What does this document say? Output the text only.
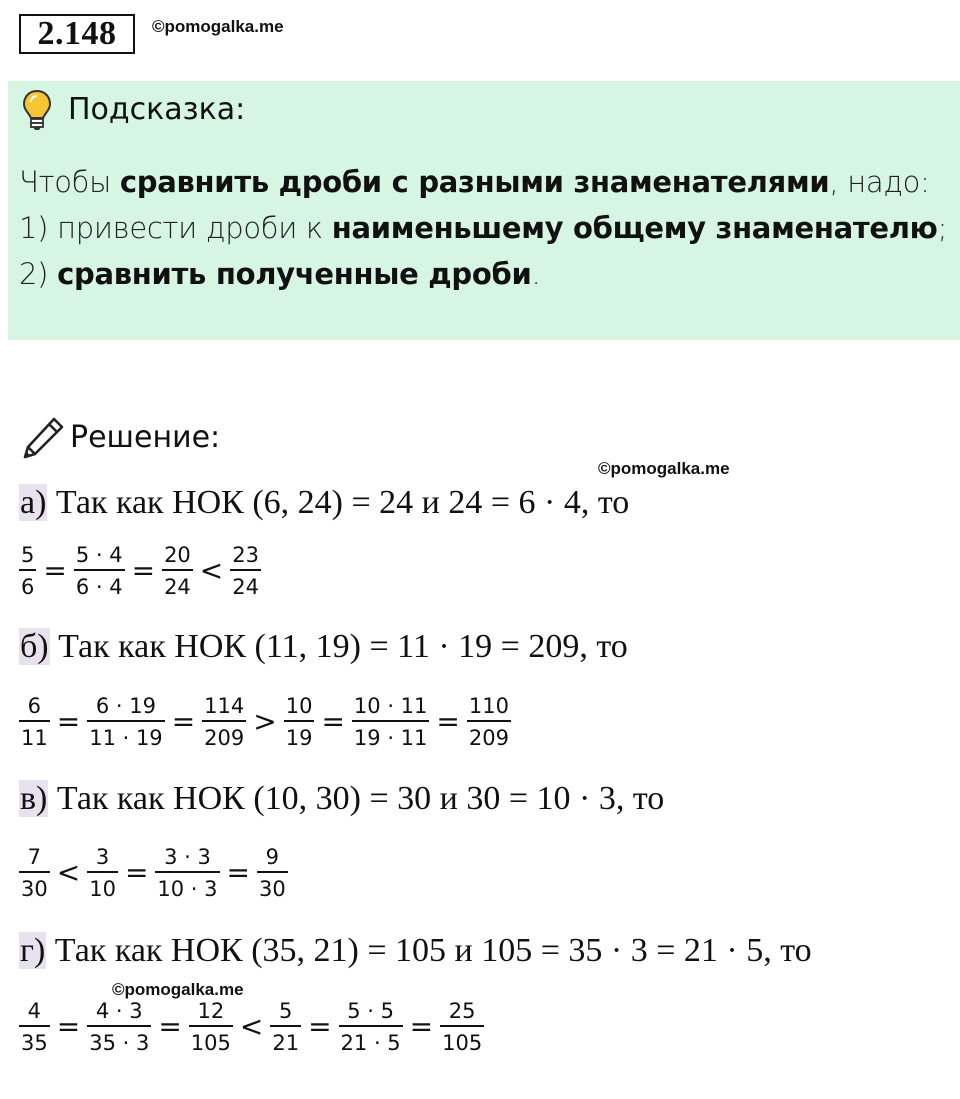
2.148	©pomogalka.me
Подсказка:
Чтобы сравнить дроби с разными знаменателями, надо:
1) привести дроби к наименьшему общему знаменателю;
2) сравнить полученные дроби.
Решение:
©pomogalka.me
а) Так как НОК (6, 24) = 24 и 24 = 6 · 4, то
$\frac{5}{6} = \frac{5 \cdot 4}{6 \cdot 4} = \frac{20}{24} < \frac{23}{24}$
б) Так как НОК (11, 19) = 11 · 19 = 209, то
$\frac{6}{11} = \frac{6 \cdot 19}{11 \cdot 19} = \frac{114}{209} > \frac{10}{19} = \frac{10 \cdot 11}{19 \cdot 11} = \frac{110}{209}$
в) Так как НОК (10, 30) = 30 и 30 = 10 · 3, то
$\frac{7}{30} < \frac{3}{10} = \frac{3 \cdot 3}{10 \cdot 3} = \frac{9}{30}$
г) Так как НОК (35, 21) = 105 и 105 = 35 · 3 = 21 · 5, то
©pomogalka.me
$\frac{4}{35} = \frac{4 \cdot 3}{35 \cdot 3} = \frac{12}{105} < \frac{5}{21} = \frac{5 \cdot 5}{21 \cdot 5} = \frac{25}{105}$
